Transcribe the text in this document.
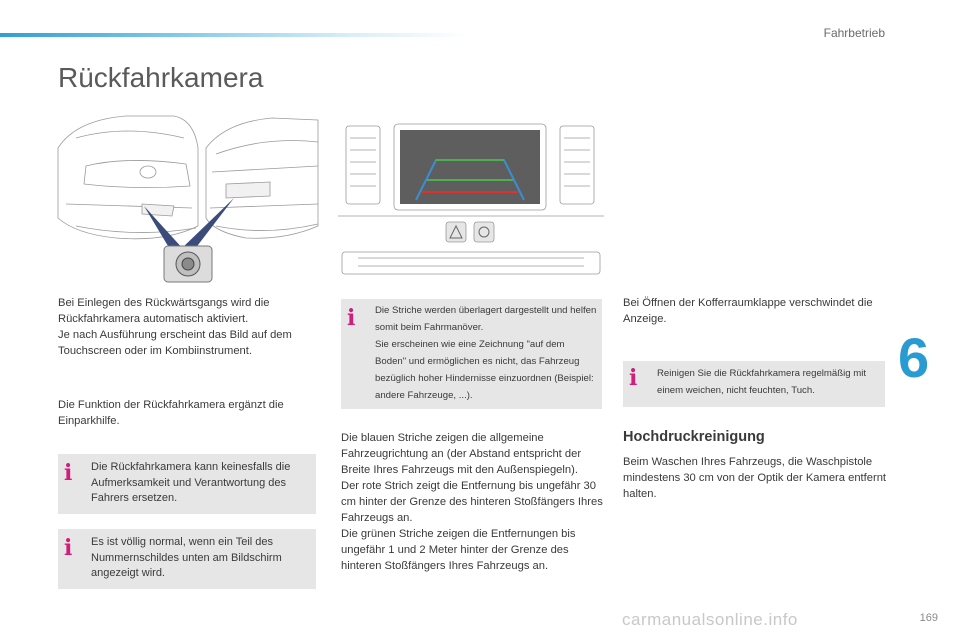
Fahrbetrieb
Rückfahrkamera
6

Bei Einlegen des Rückwärtsgangs wird die Rückfahrkamera automatisch aktiviert.
Je nach Ausführung erscheint das Bild auf dem Touchscreen oder im Kombiinstrument.

Die Funktion der Rückfahrkamera ergänzt die Einparkhilfe.

i	Die Rückfahrkamera kann keinesfalls die Aufmerksamkeit und Verantwortung des Fahrers ersetzen.
i	Es ist völlig normal, wenn ein Teil des Nummernschildes unten am Bildschirm angezeigt wird.
i	Die Striche werden überlagert dargestellt und helfen somit beim Fahrmanöver.
Sie erscheinen wie eine Zeichnung "auf dem Boden" und ermöglichen es nicht, das Fahrzeug bezüglich hoher Hindernisse einzuordnen (Beispiel: andere Fahrzeuge, ...).

Die blauen Striche zeigen die allgemeine Fahrzeugrichtung an (der Abstand entspricht der Breite Ihres Fahrzeugs mit den Außenspiegeln).
Der rote Strich zeigt die Entfernung bis ungefähr 30 cm hinter der Grenze des hinteren Stoßfängers Ihres Fahrzeugs an.
Die grünen Striche zeigen die Entfernungen bis ungefähr 1 und 2 Meter hinter der Grenze des hinteren Stoßfängers Ihres Fahrzeugs an.

Bei Öffnen der Kofferraumklappe verschwindet die Anzeige.

i	Reinigen Sie die Rückfahrkamera regelmäßig mit einem weichen, nicht feuchten, Tuch.
Hochdruckreinigung

Beim Waschen Ihres Fahrzeugs, die Waschpistole mindestens 30 cm von der Optik der Kamera entfernt halten.

carmanualsonline.info	169
